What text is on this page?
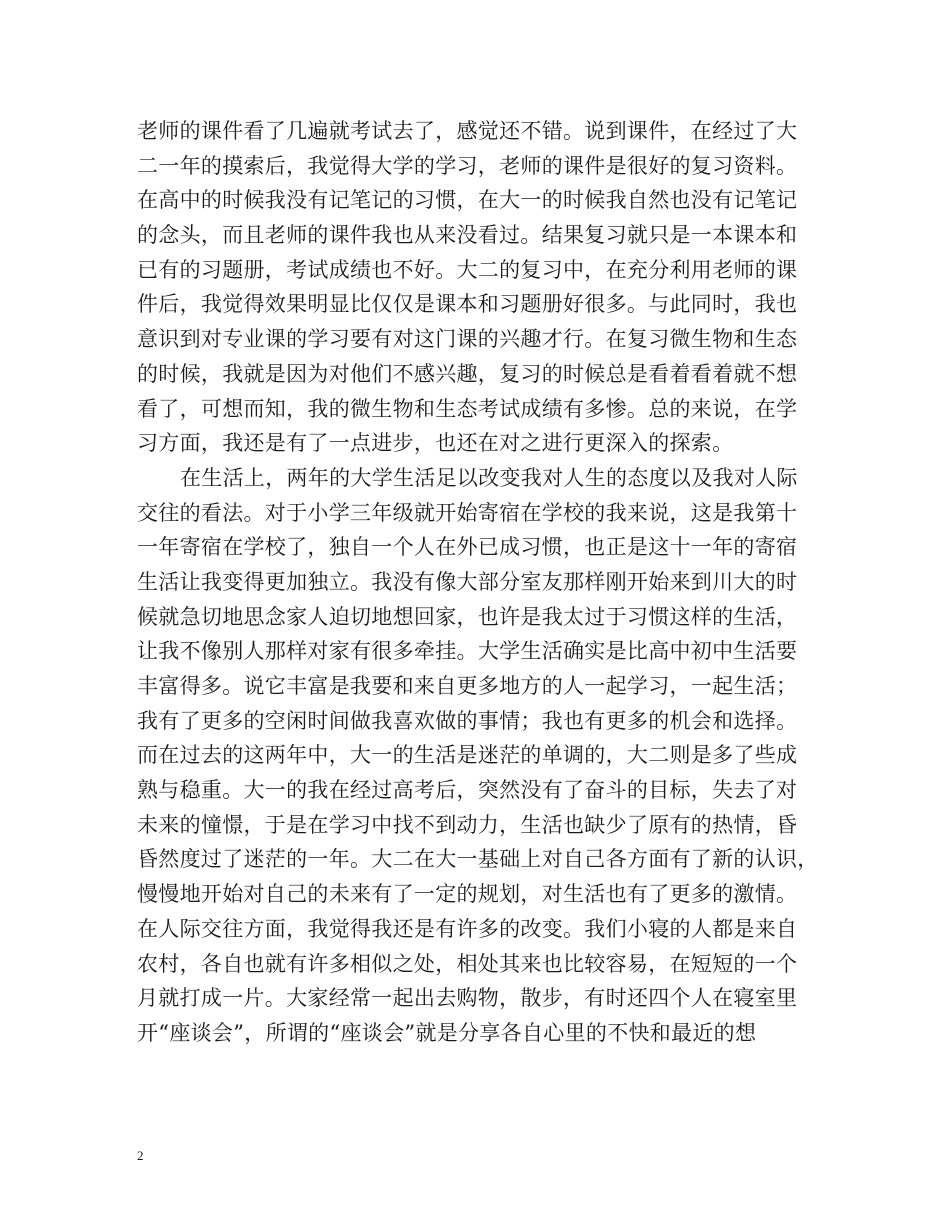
老师的课件看了几遍就考试去了，感觉还不错。说到课件，在经过了大
二一年的摸索后，我觉得大学的学习，老师的课件是很好的复习资料。
在高中的时候我没有记笔记的习惯，在大一的时候我自然也没有记笔记
的念头，而且老师的课件我也从来没看过。结果复习就只是一本课本和
已有的习题册，考试成绩也不好。大二的复习中，在充分利用老师的课
件后，我觉得效果明显比仅仅是课本和习题册好很多。与此同时，我也
意识到对专业课的学习要有对这门课的兴趣才行。在复习微生物和生态
的时候，我就是因为对他们不感兴趣，复习的时候总是看着看着就不想
看了，可想而知，我的微生物和生态考试成绩有多惨。总的来说，在学
习方面，我还是有了一点进步，也还在对之进行更深入的探索。
在生活上，两年的大学生活足以改变我对人生的态度以及我对人际
交往的看法。对于小学三年级就开始寄宿在学校的我来说，这是我第十
一年寄宿在学校了，独自一个人在外已成习惯，也正是这十一年的寄宿
生活让我变得更加独立。我没有像大部分室友那样刚开始来到川大的时
候就急切地思念家人迫切地想回家，也许是我太过于习惯这样的生活，
让我不像别人那样对家有很多牵挂。大学生活确实是比高中初中生活要
丰富得多。说它丰富是我要和来自更多地方的人一起学习，一起生活；
我有了更多的空闲时间做我喜欢做的事情；我也有更多的机会和选择。
而在过去的这两年中，大一的生活是迷茫的单调的，大二则是多了些成
熟与稳重。大一的我在经过高考后，突然没有了奋斗的目标，失去了对
未来的憧憬，于是在学习中找不到动力，生活也缺少了原有的热情，昏
昏然度过了迷茫的一年。大二在大一基础上对自己各方面有了新的认识，
慢慢地开始对自己的未来有了一定的规划，对生活也有了更多的激情。
在人际交往方面，我觉得我还是有许多的改变。我们小寝的人都是来自
农村，各自也就有许多相似之处，相处其来也比较容易，在短短的一个
月就打成一片。大家经常一起出去购物，散步，有时还四个人在寝室里
开“座谈会”，所谓的“座谈会”就是分享各自心里的不快和最近的想
2
